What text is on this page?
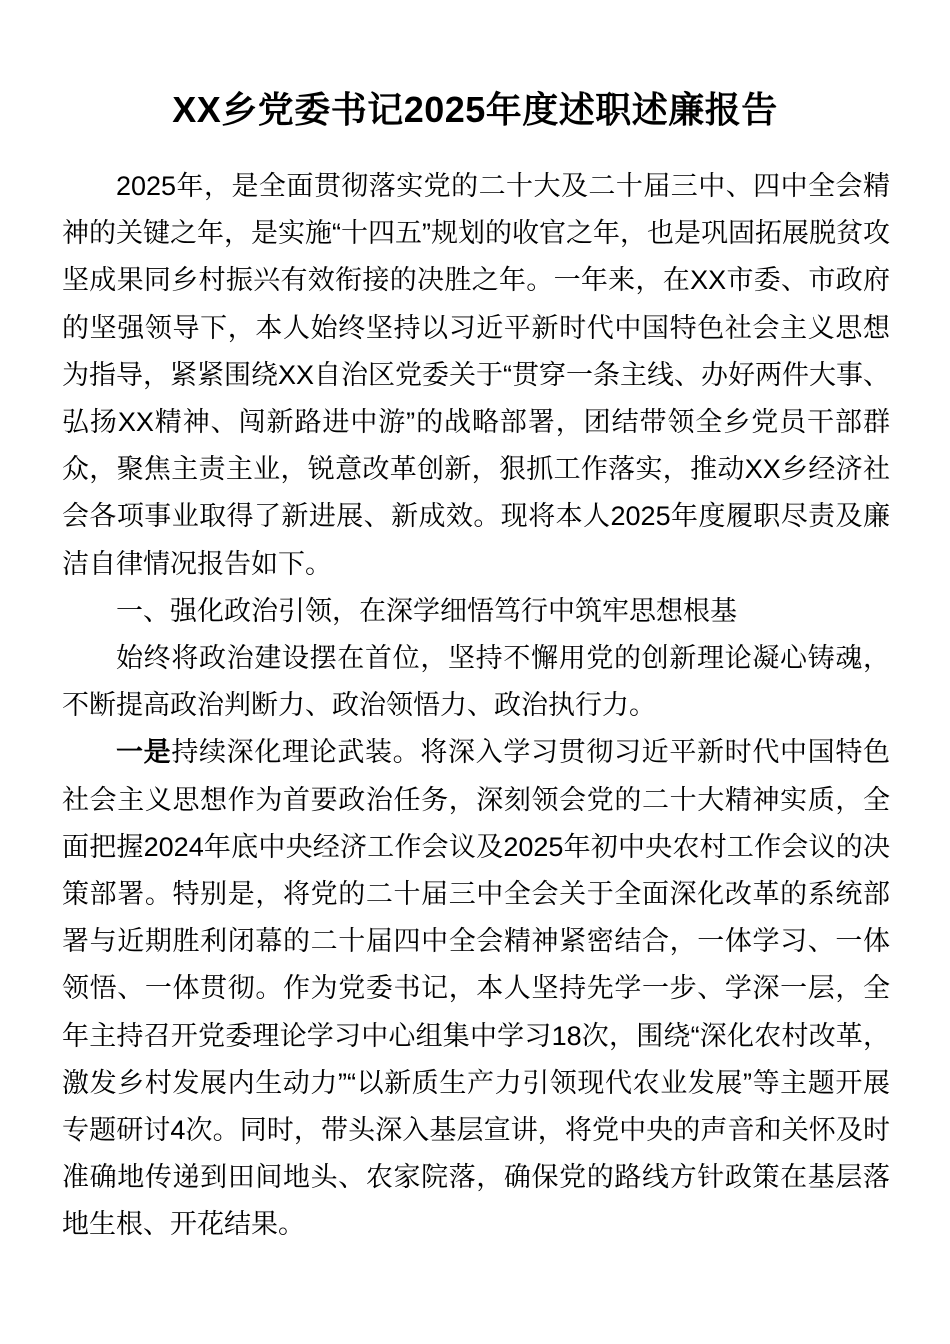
XX乡党委书记2025年度述职述廉报告

2025年，是全面贯彻落实党的二十大及二十届三中、四中全会精神的关键之年，是实施“十四五”规划的收官之年，也是巩固拓展脱贫攻坚成果同乡村振兴有效衔接的决胜之年。一年来，在XX市委、市政府的坚强领导下，本人始终坚持以习近平新时代中国特色社会主义思想为指导，紧紧围绕XX自治区党委关于“贯穿一条主线、办好两件大事、弘扬XX精神、闯新路进中游”的战略部署，团结带领全乡党员干部群众，聚焦主责主业，锐意改革创新，狠抓工作落实，推动XX乡经济社会各项事业取得了新进展、新成效。现将本人2025年度履职尽责及廉洁自律情况报告如下。

一、强化政治引领，在深学细悟笃行中筑牢思想根基

始终将政治建设摆在首位，坚持不懈用党的创新理论凝心铸魂，不断提高政治判断力、政治领悟力、政治执行力。

一是持续深化理论武装。将深入学习贯彻习近平新时代中国特色社会主义思想作为首要政治任务，深刻领会党的二十大精神实质，全面把握2024年底中央经济工作会议及2025年初中央农村工作会议的决策部署。特别是，将党的二十届三中全会关于全面深化改革的系统部署与近期胜利闭幕的二十届四中全会精神紧密结合，一体学习、一体领悟、一体贯彻。作为党委书记，本人坚持先学一步、学深一层，全年主持召开党委理论学习中心组集中学习18次，围绕“深化农村改革，激发乡村发展内生动力”“以新质生产力引领现代农业发展”等主题开展专题研讨4次。同时，带头深入基层宣讲，将党中央的声音和关怀及时准确地传递到田间地头、农家院落，确保党的路线方针政策在基层落地生根、开花结果。
